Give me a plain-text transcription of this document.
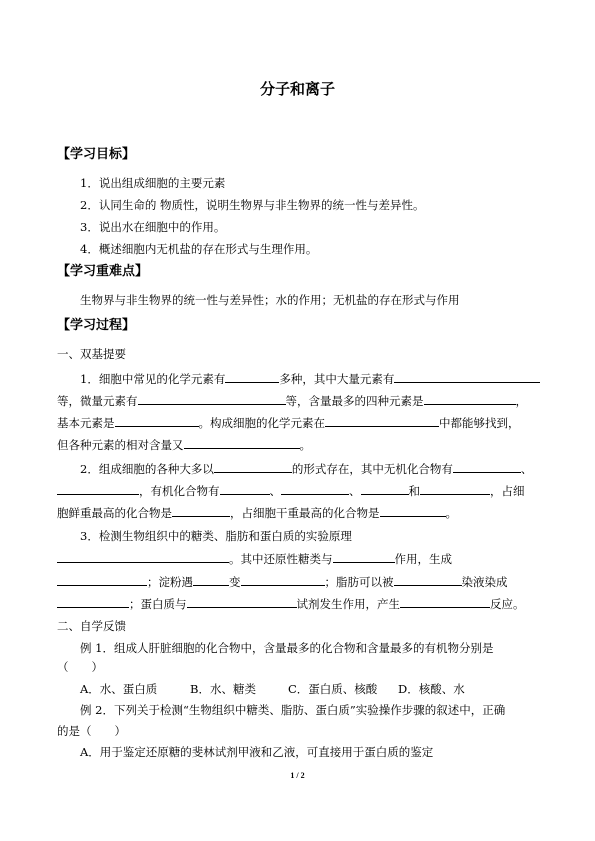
分子和离子
【学习目标】
1．说出组成细胞的主要元素
2．认同生命的 物质性，说明生物界与非生物界的统一性与差异性。
3．说出水在细胞中的作用。
4．概述细胞内无机盐的存在形式与生理作用。
【学习重难点】
生物界与非生物界的统一性与差异性；水的作用；无机盐的存在形式与作用
【学习过程】
一、双基提要
1．细胞中常见的化学元素有	多种，其中大量元素有
等，微量元素有	等，含量最多的四种元素是	，
基本元素是	。构成细胞的化学元素在	中都能够找到，
但各种元素的相对含量又	。
2．组成细胞的各种大多以	的形式存在，其中无机化合物有	、
，有机化合物有	、	、	和	，占细
胞鲜重最高的化合物是	，占细胞干重最高的化合物是	。
3．检测生物组织中的糖类、脂肪和蛋白质的实验原理
。其中还原性糖类与	作用，生成
；淀粉遇	变	；脂肪可以被	染液染成
；蛋白质与	试剂发生作用，产生	反应。
二、自学反馈
例 1．组成人肝脏细胞的化合物中，含量最多的化合物和含量最多的有机物分别是
（　　）
A．水、蛋白质	B．水、糖类	C．蛋白质、核酸 D．核酸、水
例 2．下列关于检测“生物组织中糖类、脂肪、蛋白质”实验操作步骤的叙述中，正确
的是（　　）
A．用于鉴定还原糖的斐林试剂甲液和乙液，可直接用于蛋白质的鉴定
1 / 2
